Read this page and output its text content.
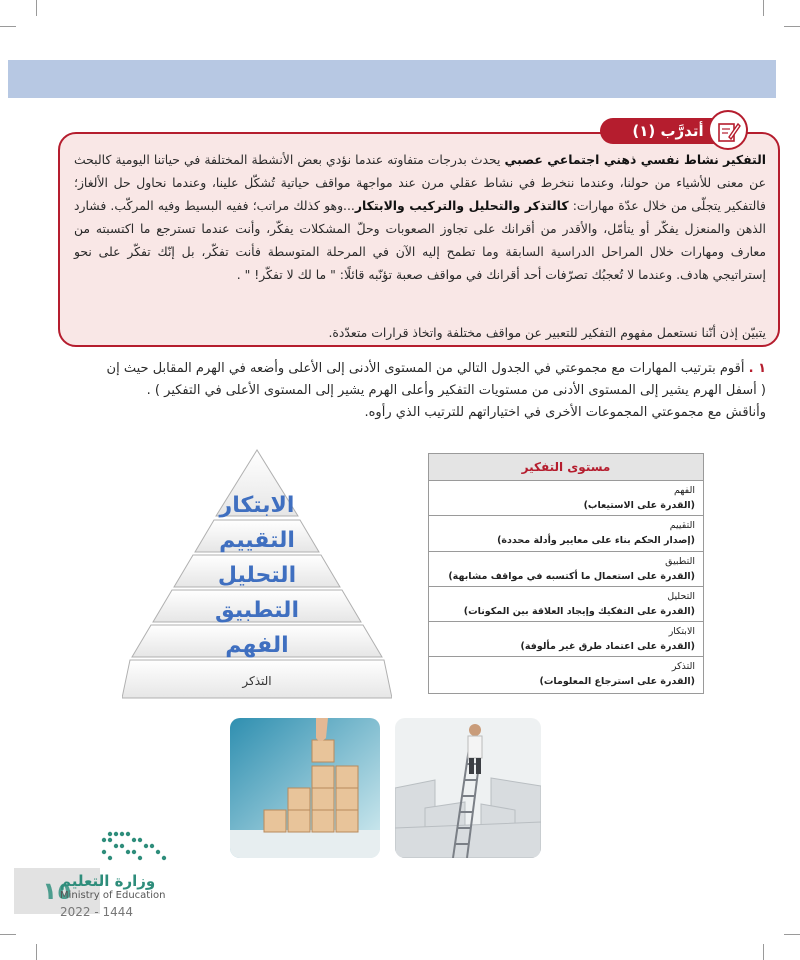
أتدرَّب (١)
التفكير نشاط نفسي ذهني اجتماعي عصبي يحدث بدرجات متفاوته عندما نؤدي بعض الأنشطة المختلفة في حياتنا اليومية كالبحث عن معنى للأشياء من حولنا، وعندما ننخرط في نشاط عقلي مرن عند مواجهة مواقف حياتية تُشكّل علينا، وعندما نحاول حل الألغاز؛ فالتفكير يتجلّى من خلال عدّة مهارات: كالتذكر والتحليل والتركيب والابتكار...وهو كذلك مراتب؛ ففيه البسيط وفيه المركّب. فشارد الذهن والمنعزل يفكّر أو يتأمّل، والأقدر من أقرانك على تجاوز الصعوبات وحلّ المشكلات يفكّر، وأنت عندما تسترجع ما اكتسبته من معارف ومهارات خلال المراحل الدراسية السابقة وما تطمح إليه الآن في المرحلة المتوسطة فأنت تفكّر، بل إنّك تفكّر على نحو إستراتيجي هادف. وعندما لا تُعجبُك تصرّفات أحد أقرانك في مواقف صعبة تؤنّبه قائلًا: " ما لك لا تفكّر! " .
يتبيّن إذن أنّنا نستعمل مفهوم التفكير للتعبير عن مواقف مختلفة واتخاذ قرارات متعدّدة.
١ . أقوم بترتيب المهارات مع مجموعتي في الجدول التالي من المستوى الأدنى إلى الأعلى وأضعه في الهرم المقابل حيث إن
( أسفل الهرم يشير إلى المستوى الأدنى من مستويات التفكير وأعلى الهرم يشير إلى المستوى الأعلى في التفكير ) .
وأناقش مع مجموعتي المجموعات الأخرى في اختياراتهم للترتيب الذي رأوه.
الابتكار
التقييم
التحليل
التطبيق
الفهم
التذكر
مستوى التفكير
الفهم
(القدرة على الاستيعاب)
التقييم
(إصدار الحكم بناء على معايير وأدلة محددة)
التطبيق
(القدرة على استعمال ما أكتسبه في مواقف مشابهة)
التحليل
(القدرة على التفكيك وإيجاد العلاقة بين المكونات)
الابتكار
(القدرة على اعتماد طرق غير مألوفة)
التذكر
(القدرة على استرجاع المعلومات)
١٥
وزارة التعليم
Ministry of Education
2022 - 1444
